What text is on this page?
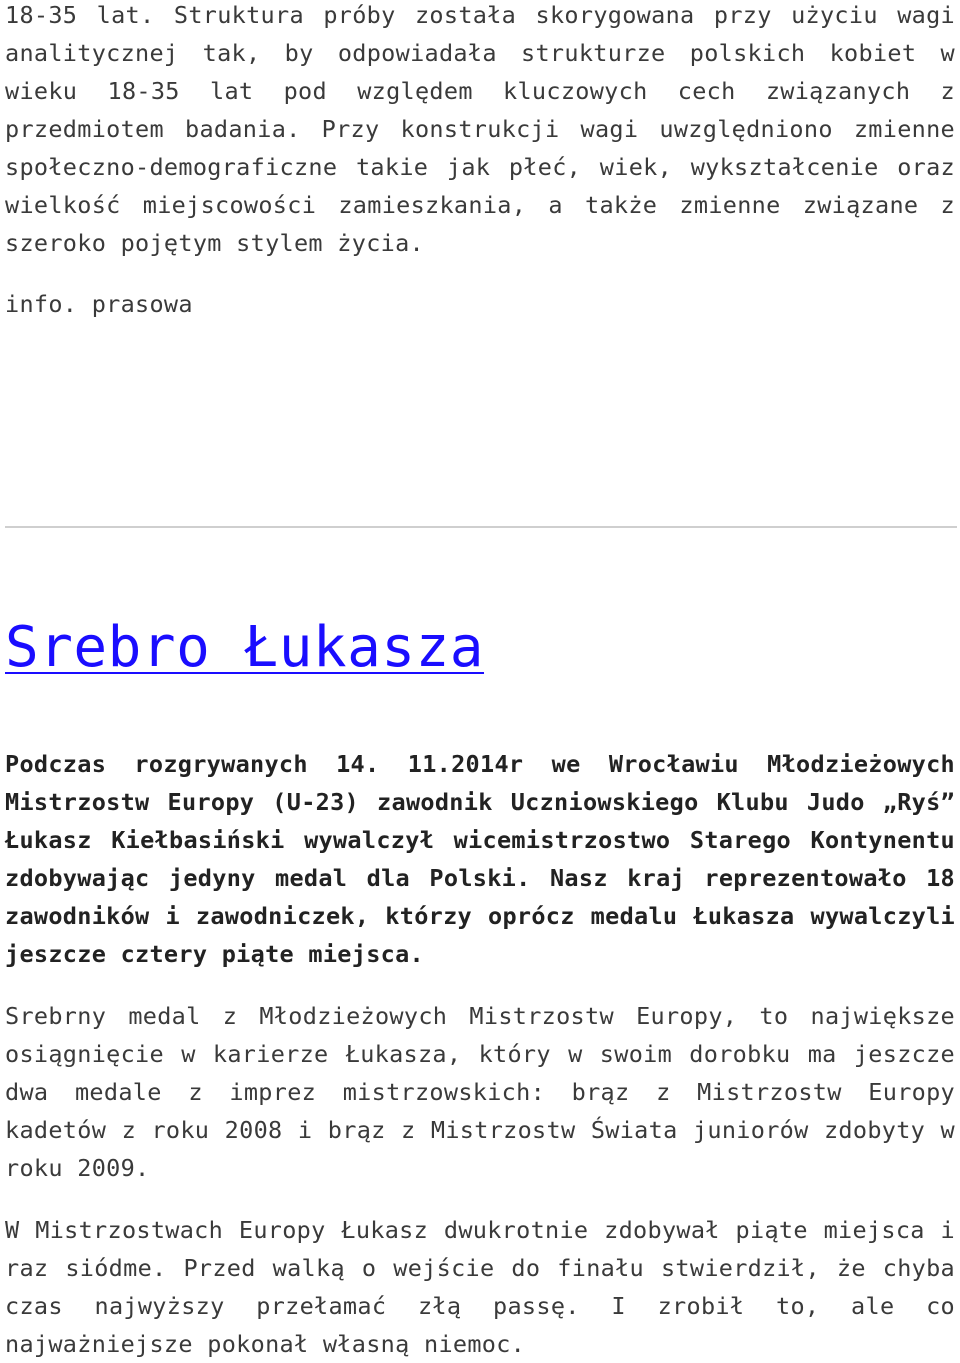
18-35 lat. Struktura próby została skorygowana przy użyciu wagi analitycznej tak, by odpowiadała strukturze polskich kobiet w wieku 18-35 lat pod względem kluczowych cech związanych z przedmiotem badania. Przy konstrukcji wagi uwzględniono zmienne społeczno-demograficzne takie jak płeć, wiek, wykształcenie oraz wielkość miejscowości zamieszkania, a także zmienne związane z szeroko pojętym stylem życia.

info. prasowa

Srebro Łukasza

Podczas rozgrywanych 14. 11.2014r we Wrocławiu Młodzieżowych Mistrzostw Europy (U-23) zawodnik Uczniowskiego Klubu Judo „Ryś” Łukasz Kiełbasiński wywalczył wicemistrzostwo Starego Kontynentu zdobywając jedyny medal dla Polski. Nasz kraj reprezentowało 18 zawodników i zawodniczek, którzy oprócz medalu Łukasza wywalczyli jeszcze cztery piąte miejsca.

Srebrny medal z Młodzieżowych Mistrzostw Europy, to największe osiągnięcie w karierze Łukasza, który w swoim dorobku ma jeszcze dwa medale z imprez mistrzowskich: brąz z Mistrzostw Europy kadetów z roku 2008 i brąz z Mistrzostw Świata juniorów zdobyty w roku 2009.

W Mistrzostwach Europy Łukasz dwukrotnie zdobywał piąte miejsca i raz siódme. Przed walką o wejście do finału stwierdził, że chyba czas najwyższy przełamać złą passę. I zrobił to, ale co najważniejsze pokonał własną niemoc.
